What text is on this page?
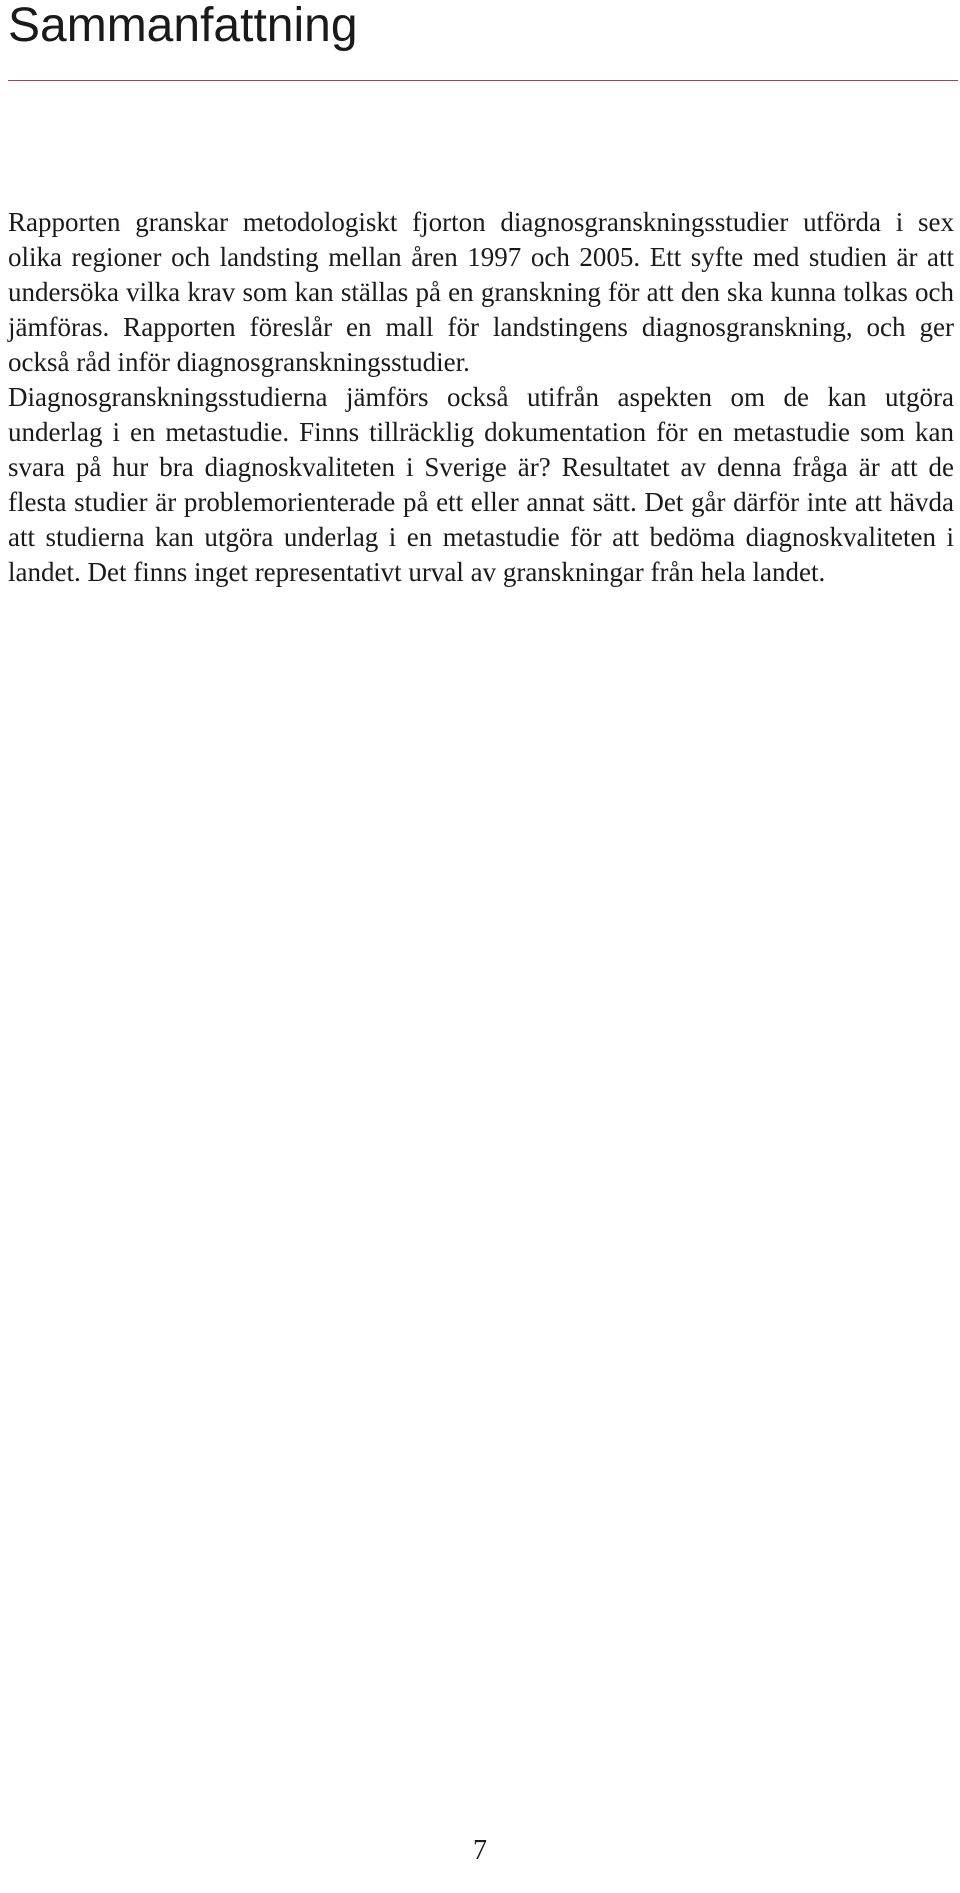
Sammanfattning

Rapporten granskar metodologiskt fjorton diagnosgranskningsstudier utförda i sex olika regioner och landsting mellan åren 1997 och 2005. Ett syfte med studien är att undersöka vilka krav som kan ställas på en granskning för att den ska kunna tolkas och jämföras. Rapporten föreslår en mall för landstingens diagnosgranskning, och ger också råd inför diagnosgranskningsstudier.

Diagnosgranskningsstudierna jämförs också utifrån aspekten om de kan utgöra underlag i en metastudie. Finns tillräcklig dokumentation för en metastudie som kan svara på hur bra diagnoskvaliteten i Sverige är? Resultatet av denna fråga är att de flesta studier är problemorienterade på ett eller annat sätt. Det går därför inte att hävda att studierna kan utgöra underlag i en metastudie för att bedöma diagnoskvaliteten i landet. Det finns inget representativt urval av granskningar från hela landet.

7
